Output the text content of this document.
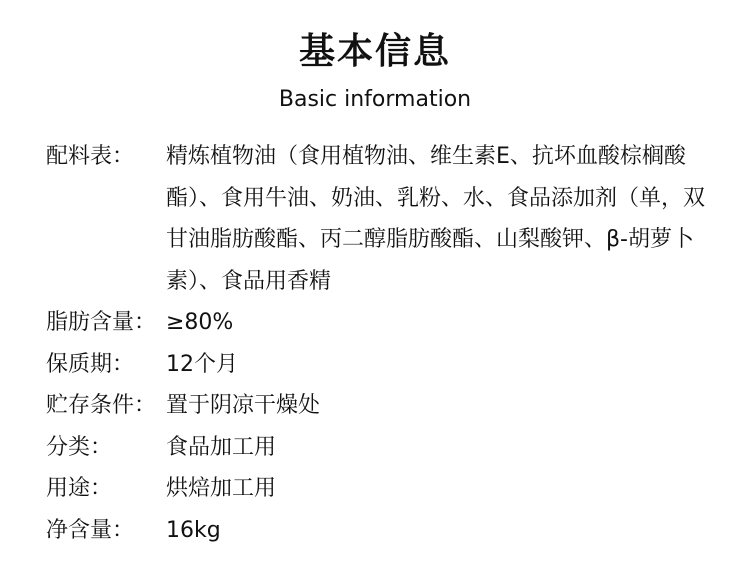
基本信息
Basic information
配料表：	精炼植物油（食用植物油、维生素E、抗坏血酸棕榈酸酯）、食用牛油、奶油、乳粉、水、食品添加剂（单，双甘油脂肪酸酯、丙二醇脂肪酸酯、山梨酸钾、β-胡萝卜素）、食品用香精
脂肪含量： ≥80%
保质期：	12个月
贮存条件： 置于阴凉干燥处
分类：	食品加工用
用途：	烘焙加工用
净含量：	16kg
